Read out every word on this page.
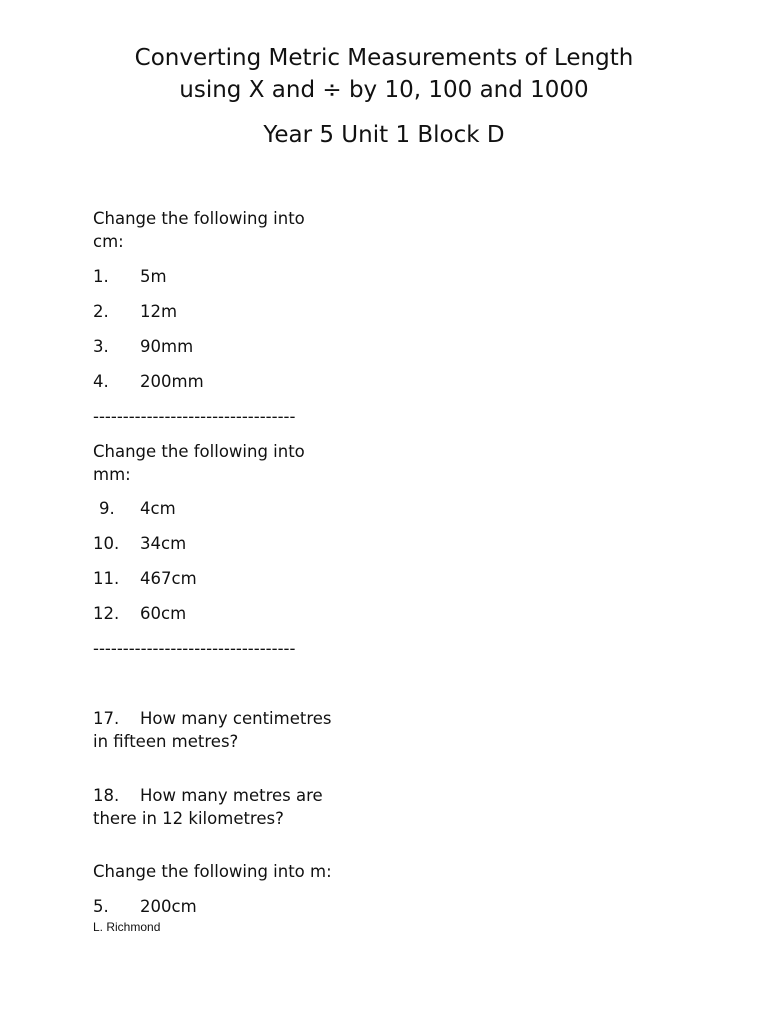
Converting Metric Measurements of Length
using X and ÷ by 10, 100 and 1000
Year 5 Unit 1 Block D
Change the following into
cm:
1. 5m
2. 12m
3. 90mm
4. 200mm
----------------------------------
Change the following into
mm:
9. 4cm
10. 34cm
11. 467cm
12. 60cm
----------------------------------
17. How many centimetres
in fifteen metres?
18. How many metres are
there in 12 kilometres?
Change the following into m:
5. 200cm
L. Richmond
